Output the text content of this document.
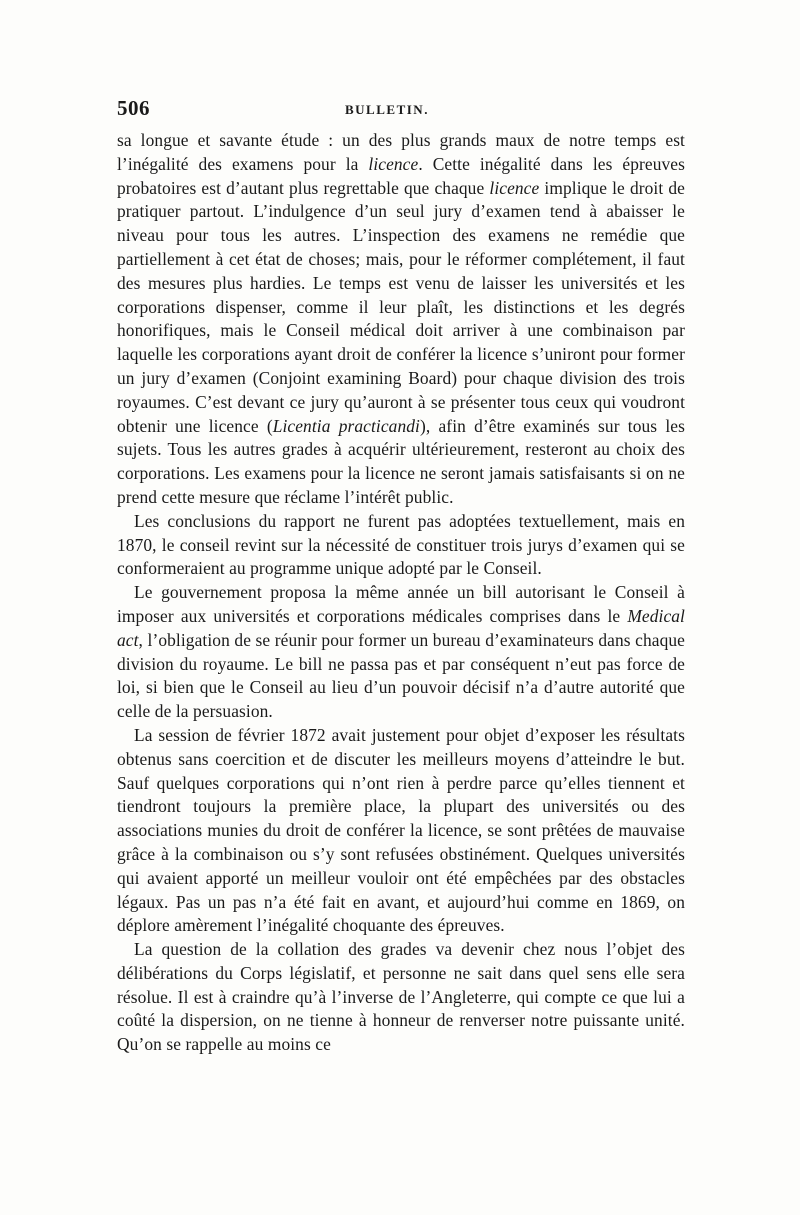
506	BULLETIN.

sa longue et savante étude : un des plus grands maux de notre temps est l’inégalité des examens pour la licence. Cette inégalité dans les épreuves probatoires est d’autant plus regrettable que chaque licence implique le droit de pratiquer partout. L’indulgence d’un seul jury d’examen tend à abaisser le niveau pour tous les autres. L’inspection des examens ne remédie que partiellement à cet état de choses; mais, pour le réformer complétement, il faut des mesures plus hardies. Le temps est venu de laisser les universités et les corporations dispenser, comme il leur plaît, les distinctions et les degrés honorifiques, mais le Conseil médical doit arriver à une combinaison par laquelle les corporations ayant droit de conférer la licence s’uniront pour former un jury d’examen (Conjoint examining Board) pour chaque division des trois royaumes. C’est devant ce jury qu’auront à se présenter tous ceux qui voudront obtenir une licence (Licentia practicandi), afin d’être examinés sur tous les sujets. Tous les autres grades à acquérir ultérieurement, resteront au choix des corporations. Les examens pour la licence ne seront jamais satisfaisants si on ne prend cette mesure que réclame l’intérêt public.

Les conclusions du rapport ne furent pas adoptées textuellement, mais en 1870, le conseil revint sur la nécessité de constituer trois jurys d’examen qui se conformeraient au programme unique adopté par le Conseil.

Le gouvernement proposa la même année un bill autorisant le Conseil à imposer aux universités et corporations médicales comprises dans le Medical act, l’obligation de se réunir pour former un bureau d’examinateurs dans chaque division du royaume. Le bill ne passa pas et par conséquent n’eut pas force de loi, si bien que le Conseil au lieu d’un pouvoir décisif n’a d’autre autorité que celle de la persuasion.

La session de février 1872 avait justement pour objet d’exposer les résultats obtenus sans coercition et de discuter les meilleurs moyens d’atteindre le but. Sauf quelques corporations qui n’ont rien à perdre parce qu’elles tiennent et tiendront toujours la première place, la plupart des universités ou des associations munies du droit de conférer la licence, se sont prêtées de mauvaise grâce à la combinaison ou s’y sont refusées obstinément. Quelques universités qui avaient apporté un meilleur vouloir ont été empêchées par des obstacles légaux. Pas un pas n’a été fait en avant, et aujourd’hui comme en 1869, on déplore amèrement l’inégalité choquante des épreuves.

La question de la collation des grades va devenir chez nous l’objet des délibérations du Corps législatif, et personne ne sait dans quel sens elle sera résolue. Il est à craindre qu’à l’inverse de l’Angleterre, qui compte ce que lui a coûté la dispersion, on ne tienne à honneur de renverser notre puissante unité. Qu’on se rappelle au moins ce
